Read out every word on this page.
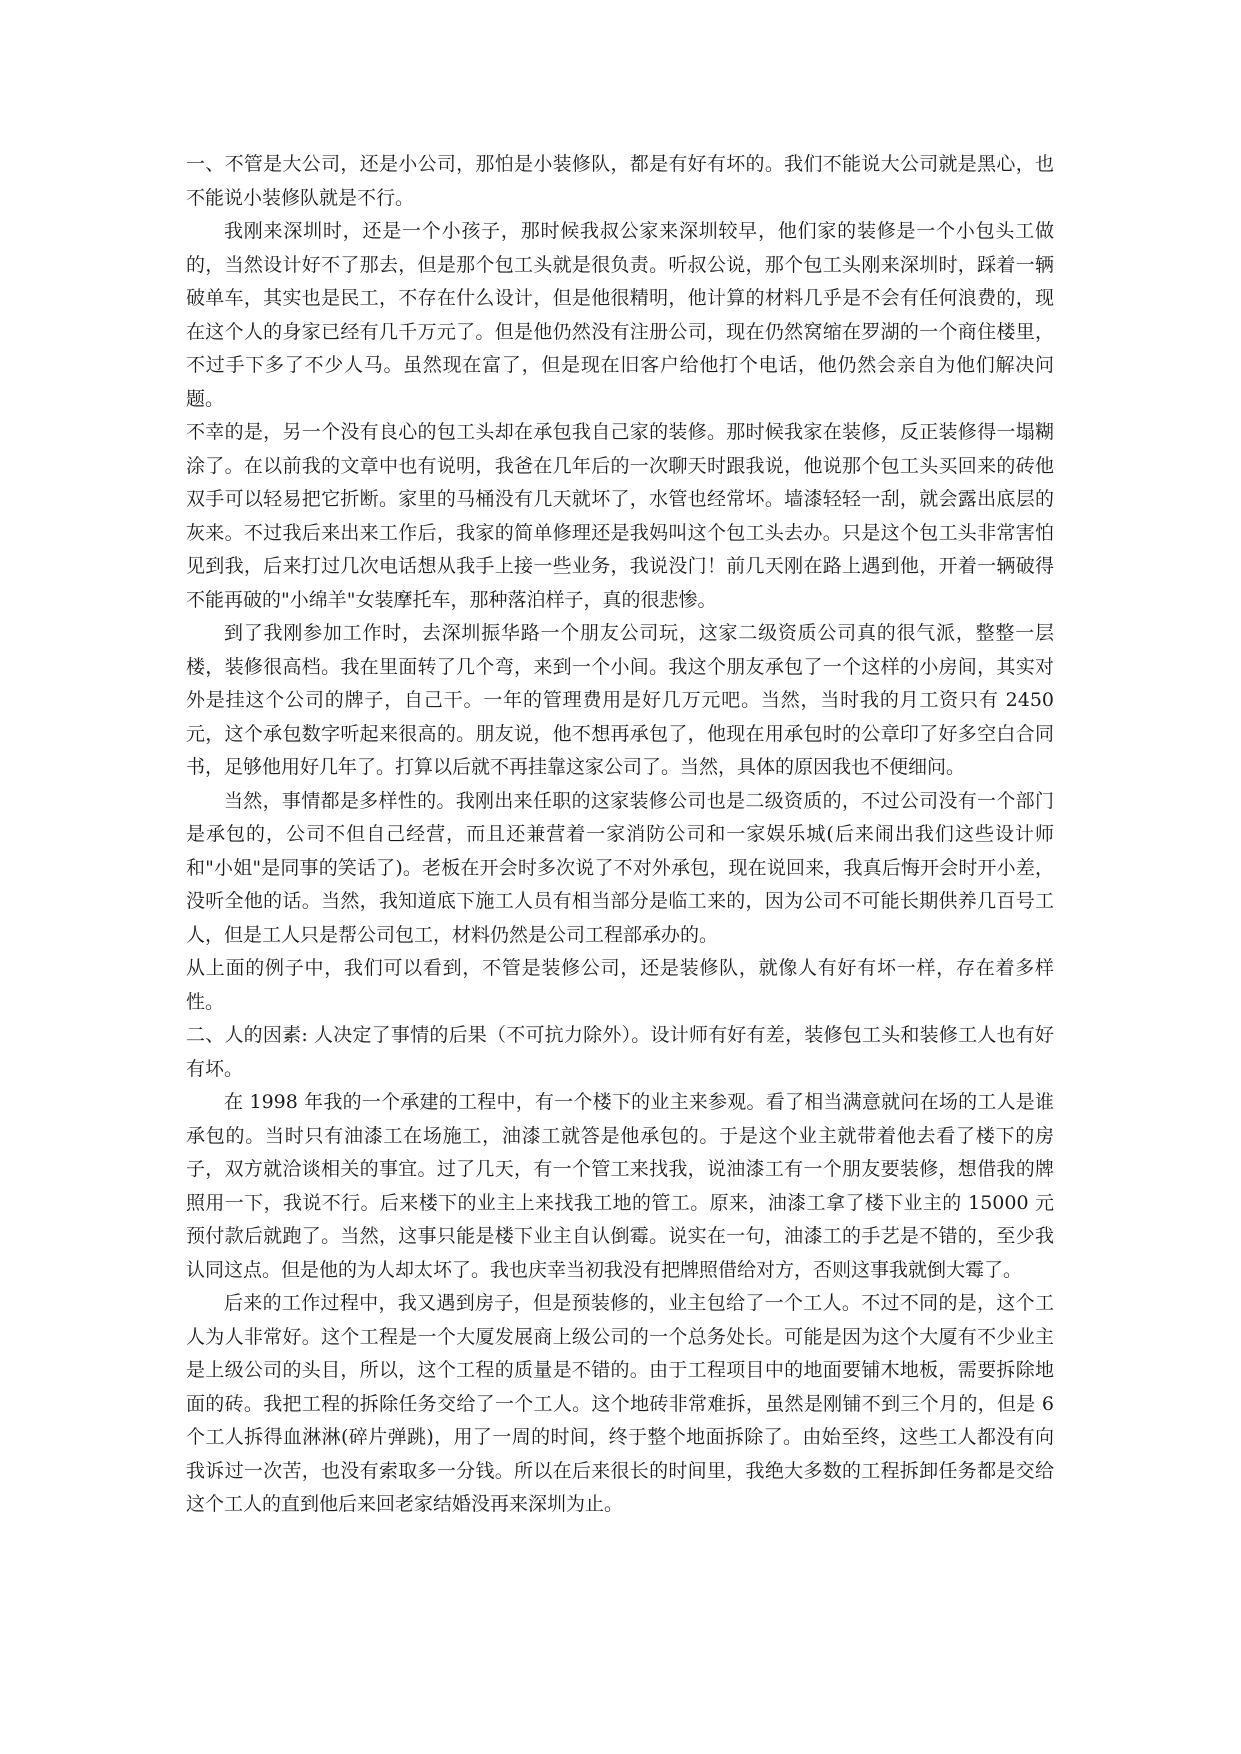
一、不管是大公司，还是小公司，那怕是小装修队，都是有好有坏的。我们不能说大公司就是黑心，也不能说小装修队就是不行。

我刚来深圳时，还是一个小孩子，那时候我叔公家来深圳较早，他们家的装修是一个小包头工做的，当然设计好不了那去，但是那个包工头就是很负责。听叔公说，那个包工头刚来深圳时，踩着一辆破单车，其实也是民工，不存在什么设计，但是他很精明，他计算的材料几乎是不会有任何浪费的，现在这个人的身家已经有几千万元了。但是他仍然没有注册公司，现在仍然窝缩在罗湖的一个商住楼里，不过手下多了不少人马。虽然现在富了，但是现在旧客户给他打个电话，他仍然会亲自为他们解决问题。

不幸的是，另一个没有良心的包工头却在承包我自己家的装修。那时候我家在装修，反正装修得一塌糊涂了。在以前我的文章中也有说明，我爸在几年后的一次聊天时跟我说，他说那个包工头买回来的砖他双手可以轻易把它折断。家里的马桶没有几天就坏了，水管也经常坏。墙漆轻轻一刮，就会露出底层的灰来。不过我后来出来工作后，我家的简单修理还是我妈叫这个包工头去办。只是这个包工头非常害怕见到我，后来打过几次电话想从我手上接一些业务，我说没门！前几天刚在路上遇到他，开着一辆破得不能再破的"小绵羊"女装摩托车，那种落泊样子，真的很悲惨。

到了我刚参加工作时，去深圳振华路一个朋友公司玩，这家二级资质公司真的很气派，整整一层楼，装修很高档。我在里面转了几个弯，来到一个小间。我这个朋友承包了一个这样的小房间，其实对外是挂这个公司的牌子，自己干。一年的管理费用是好几万元吧。当然，当时我的月工资只有 2450 元，这个承包数字听起来很高的。朋友说，他不想再承包了，他现在用承包时的公章印了好多空白合同书，足够他用好几年了。打算以后就不再挂靠这家公司了。当然，具体的原因我也不便细问。

当然，事情都是多样性的。我刚出来任职的这家装修公司也是二级资质的，不过公司没有一个部门是承包的，公司不但自己经营，而且还兼营着一家消防公司和一家娱乐城(后来闹出我们这些设计师和"小姐"是同事的笑话了)。老板在开会时多次说了不对外承包，现在说回来，我真后悔开会时开小差，没听全他的话。当然，我知道底下施工人员有相当部分是临工来的，因为公司不可能长期供养几百号工人，但是工人只是帮公司包工，材料仍然是公司工程部承办的。

从上面的例子中，我们可以看到，不管是装修公司，还是装修队，就像人有好有坏一样，存在着多样性。

二、人的因素: 人决定了事情的后果（不可抗力除外）。设计师有好有差，装修包工头和装修工人也有好有坏。

在 1998 年我的一个承建的工程中，有一个楼下的业主来参观。看了相当满意就问在场的工人是谁承包的。当时只有油漆工在场施工，油漆工就答是他承包的。于是这个业主就带着他去看了楼下的房子，双方就洽谈相关的事宜。过了几天，有一个管工来找我，说油漆工有一个朋友要装修，想借我的牌照用一下，我说不行。后来楼下的业主上来找我工地的管工。原来，油漆工拿了楼下业主的 15000 元预付款后就跑了。当然，这事只能是楼下业主自认倒霉。说实在一句，油漆工的手艺是不错的，至少我认同这点。但是他的为人却太坏了。我也庆幸当初我没有把牌照借给对方，否则这事我就倒大霉了。

后来的工作过程中，我又遇到房子，但是预装修的，业主包给了一个工人。不过不同的是，这个工人为人非常好。这个工程是一个大厦发展商上级公司的一个总务处长。可能是因为这个大厦有不少业主是上级公司的头目，所以，这个工程的质量是不错的。由于工程项目中的地面要铺木地板，需要拆除地面的砖。我把工程的拆除任务交给了一个工人。这个地砖非常难拆，虽然是刚铺不到三个月的，但是 6 个工人拆得血淋淋(碎片弹跳)，用了一周的时间，终于整个地面拆除了。由始至终，这些工人都没有向我诉过一次苦，也没有索取多一分钱。所以在后来很长的时间里，我绝大多数的工程拆卸任务都是交给这个工人的直到他后来回老家结婚没再来深圳为止。
